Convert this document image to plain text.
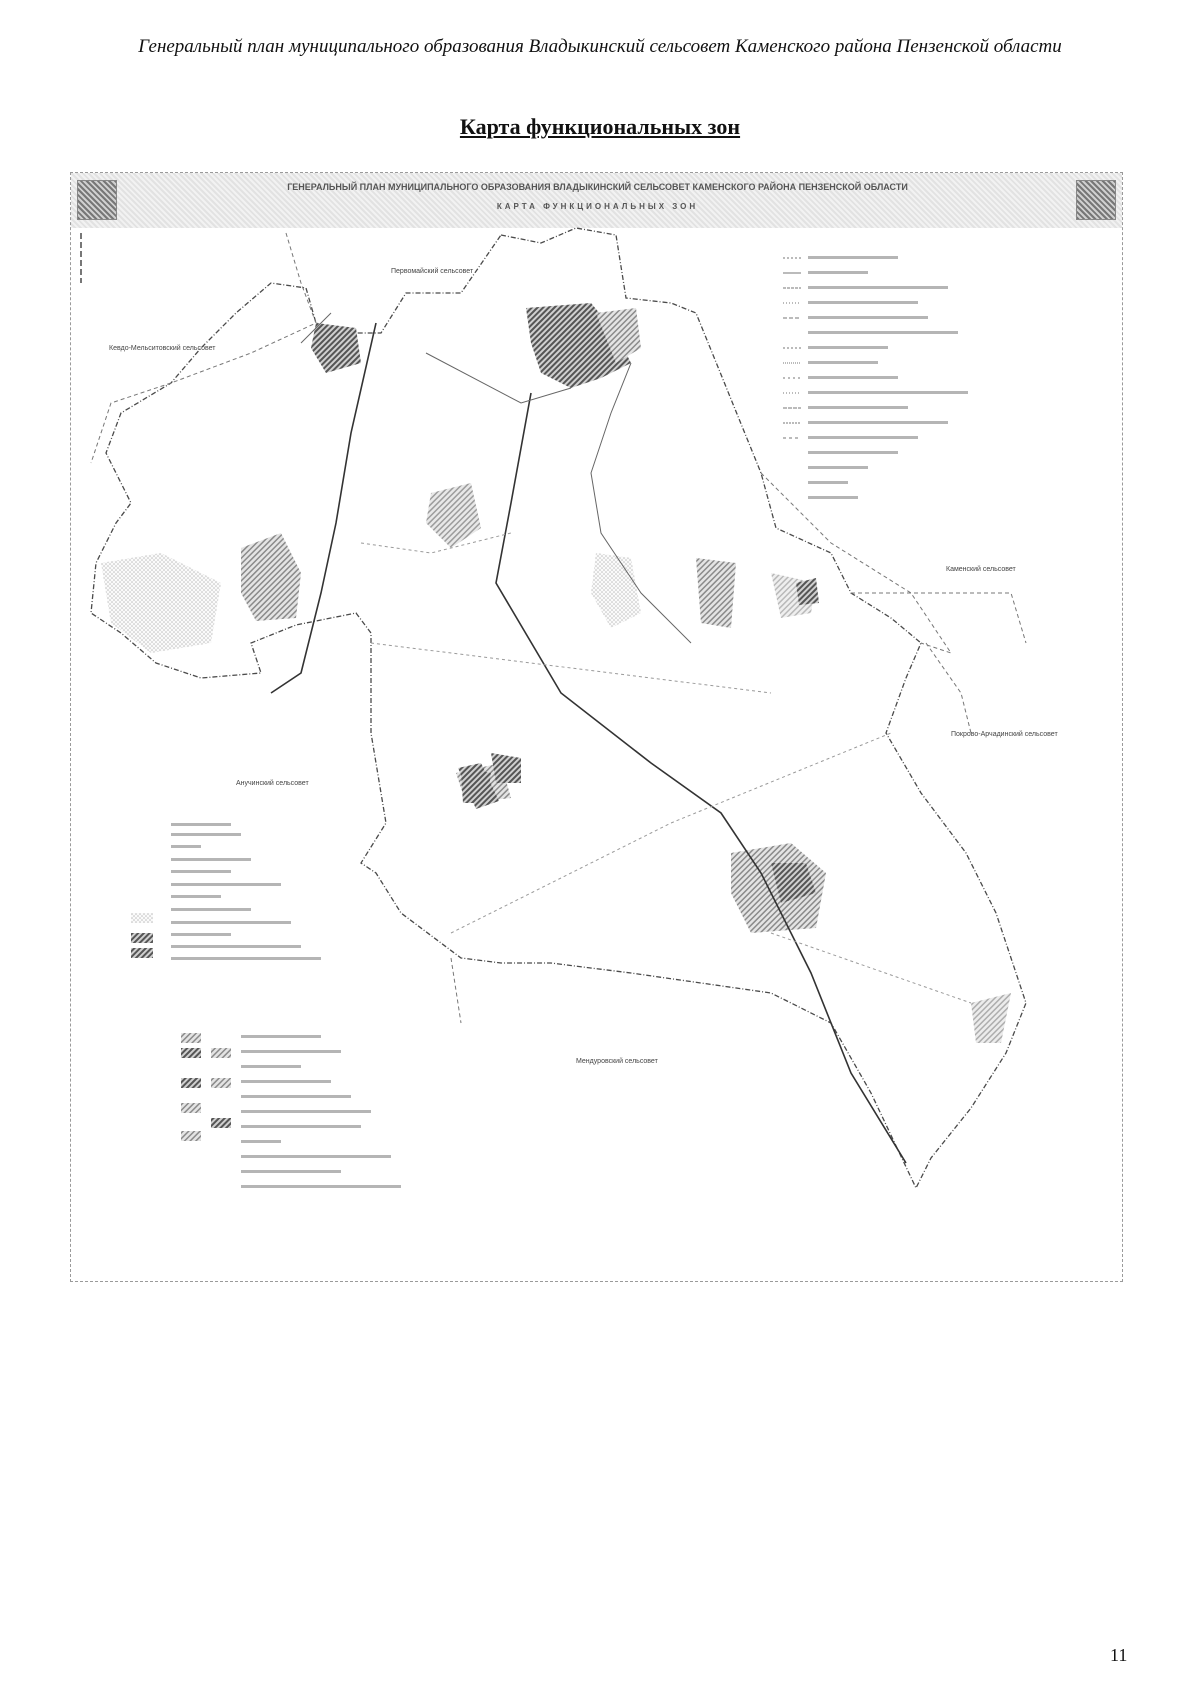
Генеральный план муниципального образования Владыкинский сельсовет Каменского района Пензенской области
Карта функциональных зон
ГЕНЕРАЛЬНЫЙ ПЛАН МУНИЦИПАЛЬНОГО ОБРАЗОВАНИЯ ВЛАДЫКИНСКИЙ СЕЛЬСОВЕТ КАМЕНСКОГО РАЙОНА ПЕНЗЕНСКОЙ ОБЛАСТИ
КАРТА ФУНКЦИОНАЛЬНЫХ ЗОН
Первомайский сельсовет
Кевдо-Мельситовский сельсовет
Каменский сельсовет
Покрово-Арчадинский сельсовет
Анучинский сельсовет
Мендуровский сельсовет
11
